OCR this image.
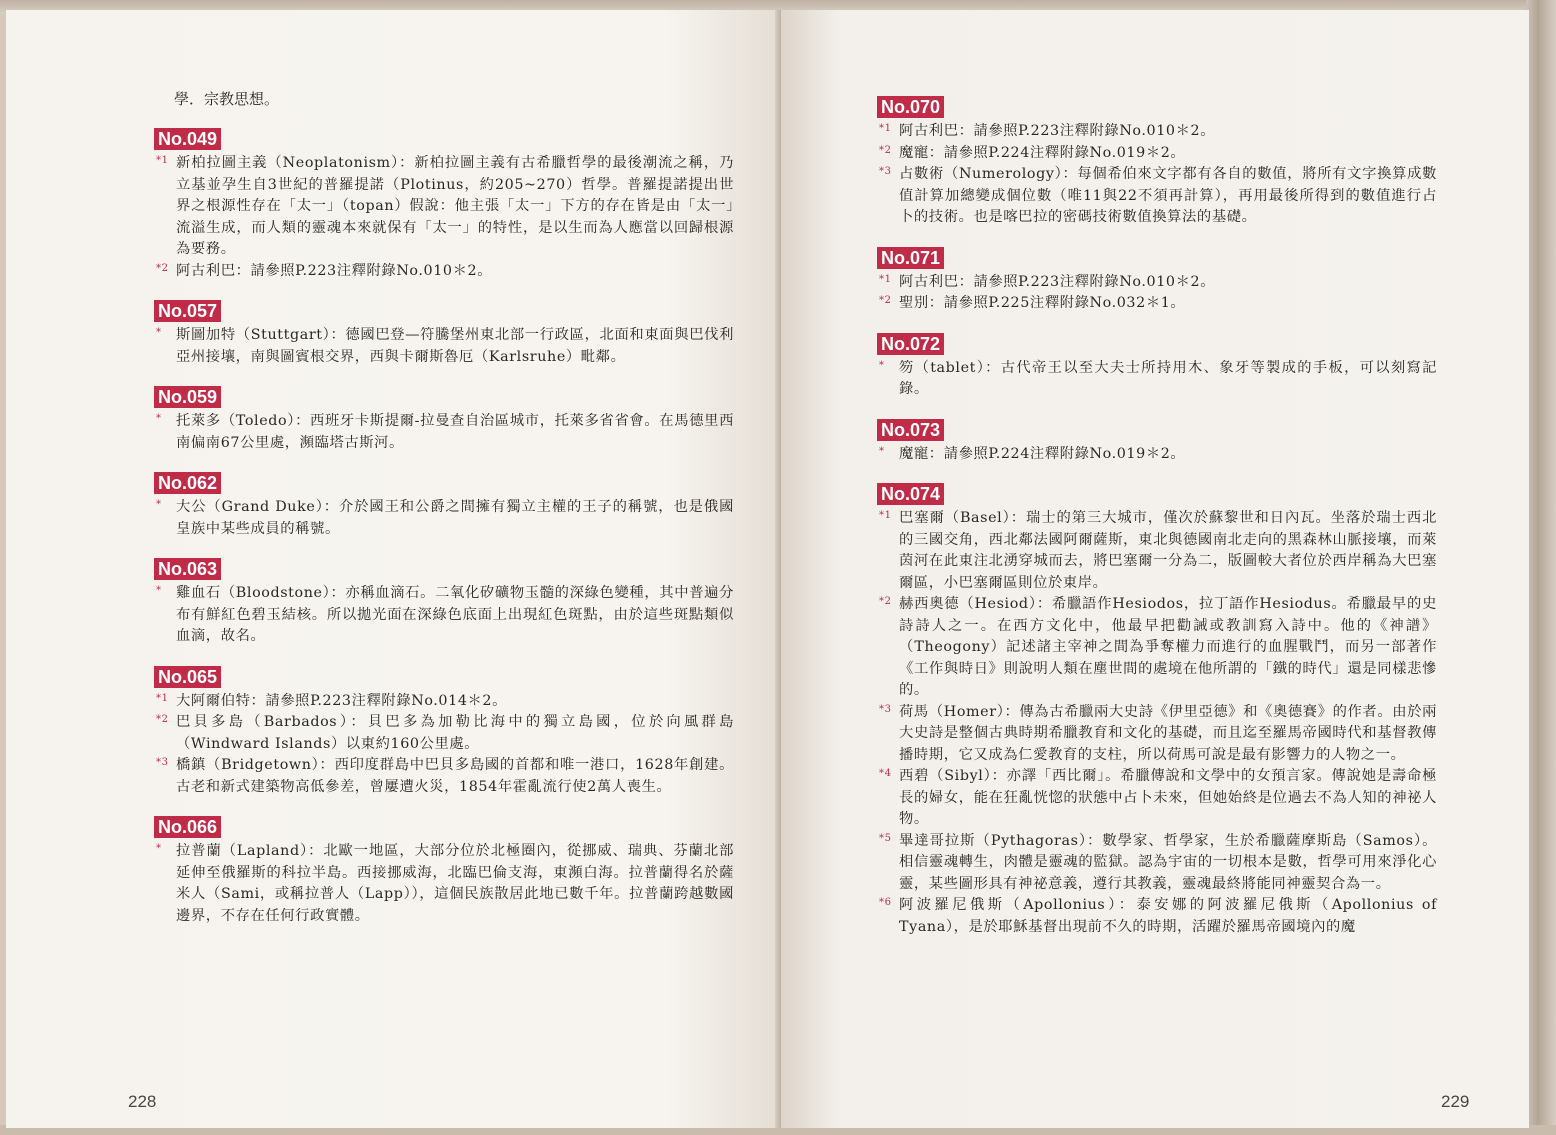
學．宗教思想。
No.049
*1 新柏拉圖主義（Neoplatonism）：新柏拉圖主義有古希臘哲學的最後潮流之稱，乃立基並孕生自3世紀的普羅提諾（Plotinus，約205~270）哲學。普羅提諾提出世界之根源性存在「太一」（topan）假說：他主張「太一」下方的存在皆是由「太一」流溢生成，而人類的靈魂本來就保有「太一」的特性，是以生而為人應當以回歸根源為要務。
*2 阿古利巴：請參照P.223注釋附錄No.010＊2。
No.057
* 斯圖加特（Stuttgart）：德國巴登—符騰堡州東北部一行政區，北面和東面與巴伐利亞州接壤，南與圖賓根交界，西與卡爾斯魯厄（Karlsruhe）毗鄰。
No.059
* 托萊多（Toledo）：西班牙卡斯提爾-拉曼查自治區城市，托萊多省省會。在馬德里西南偏南67公里處，瀕臨塔古斯河。
No.062
* 大公（Grand Duke）：介於國王和公爵之間擁有獨立主權的王子的稱號，也是俄國皇族中某些成員的稱號。
No.063
* 雞血石（Bloodstone）：亦稱血滴石。二氧化矽礦物玉髓的深綠色變種，其中普遍分布有鮮紅色碧玉結核。所以拋光面在深綠色底面上出現紅色斑點，由於這些斑點類似血滴，故名。
No.065
*1 大阿爾伯特：請參照P.223注釋附錄No.014＊2。
*2 巴貝多島（Barbados）：貝巴多為加勒比海中的獨立島國，位於向風群島（Windward Islands）以東約160公里處。
*3 橋鎮（Bridgetown）：西印度群島中巴貝多島國的首都和唯一港口，1628年創建。古老和新式建築物高低參差，曾屢遭火災，1854年霍亂流行使2萬人喪生。
No.066
* 拉普蘭（Lapland）：北歐一地區，大部分位於北極圈內，從挪威、瑞典、芬蘭北部延伸至俄羅斯的科拉半島。西接挪威海，北臨巴倫支海，東瀕白海。拉普蘭得名於薩米人（Sami，或稱拉普人（Lapp）），這個民族散居此地已數千年。拉普蘭跨越數國邊界，不存在任何行政實體。
228
No.070
*1 阿古利巴：請參照P.223注釋附錄No.010＊2。
*2 魔寵：請參照P.224注釋附錄No.019＊2。
*3 占數術（Numerology）：每個希伯來文字都有各自的數值，將所有文字換算成數值計算加總變成個位數（唯11與22不須再計算），再用最後所得到的數值進行占卜的技術。也是喀巴拉的密碼技術數值換算法的基礎。
No.071
*1 阿古利巴：請參照P.223注釋附錄No.010＊2。
*2 聖別：請參照P.225注釋附錄No.032＊1。
No.072
* 笏（tablet）：古代帝王以至大夫士所持用木、象牙等製成的手板，可以刻寫記錄。
No.073
* 魔寵：請參照P.224注釋附錄No.019＊2。
No.074
*1 巴塞爾（Basel）：瑞士的第三大城市，僅次於蘇黎世和日內瓦。坐落於瑞士西北的三國交角，西北鄰法國阿爾薩斯，東北與德國南北走向的黑森林山脈接壤，而萊茵河在此東注北湧穿城而去，將巴塞爾一分為二，版圖較大者位於西岸稱為大巴塞爾區，小巴塞爾區則位於東岸。
*2 赫西奧德（Hesiod）：希臘語作Hesiodos，拉丁語作Hesiodus。希臘最早的史詩詩人之一。在西方文化中，他最早把勸誡或教訓寫入詩中。他的《神譜》（Theogony）記述諸主宰神之間為爭奪權力而進行的血腥戰鬥，而另一部著作《工作與時日》則說明人類在塵世間的處境在他所謂的「鐵的時代」還是同樣悲慘的。
*3 荷馬（Homer）：傳為古希臘兩大史詩《伊里亞德》和《奧德賽》的作者。由於兩大史詩是整個古典時期希臘教育和文化的基礎，而且迄至羅馬帝國時代和基督教傳播時期，它又成為仁愛教育的支柱，所以荷馬可說是最有影響力的人物之一。
*4 西碧（Sibyl）：亦譯「西比爾」。希臘傳說和文學中的女預言家。傳說她是壽命極長的婦女，能在狂亂恍惚的狀態中占卜未來，但她始終是位過去不為人知的神祕人物。
*5 畢達哥拉斯（Pythagoras）：數學家、哲學家，生於希臘薩摩斯島（Samos）。相信靈魂轉生，肉體是靈魂的監獄。認為宇宙的一切根本是數，哲學可用來淨化心靈，某些圖形具有神祕意義，遵行其教義，靈魂最終將能同神靈契合為一。
*6 阿波羅尼俄斯（Apollonius）：泰安娜的阿波羅尼俄斯（Apollonius of Tyana），是於耶穌基督出現前不久的時期，活躍於羅馬帝國境內的魔
229
